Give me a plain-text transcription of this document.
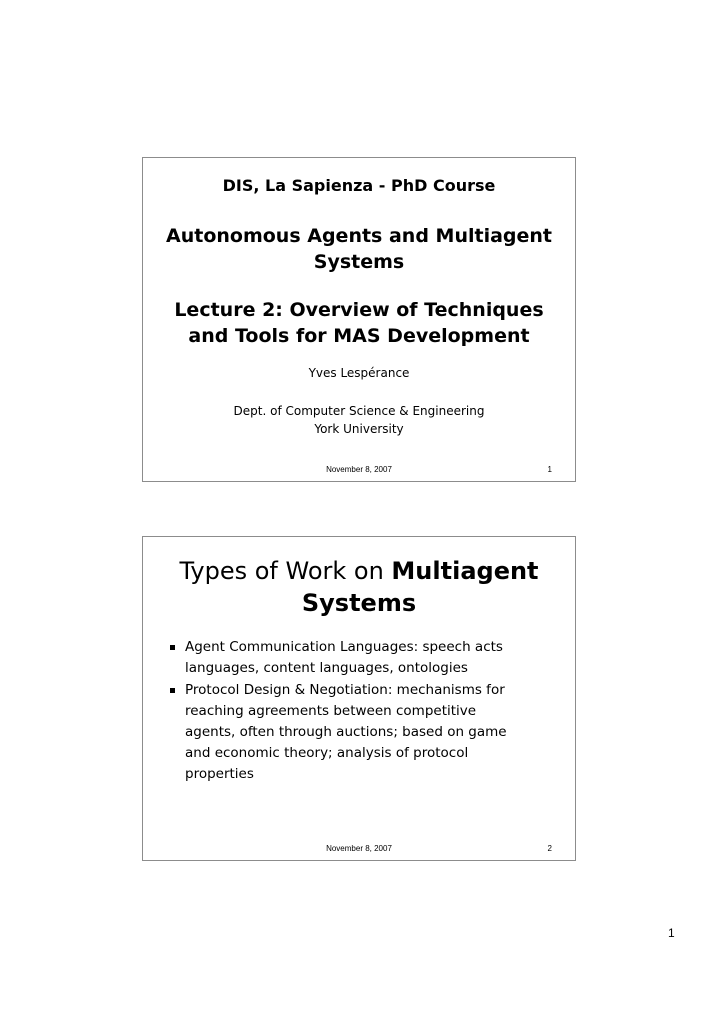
DIS, La Sapienza - PhD Course
Autonomous Agents and Multiagent
Systems
Lecture 2: Overview of Techniques
and Tools for MAS Development
Yves Lespérance
Dept. of Computer Science & Engineering
York University
November 8, 2007	1
Types of Work on Multiagent
Systems
Agent Communication Languages: speech acts
languages, content languages, ontologies
Protocol Design & Negotiation: mechanisms for
reaching agreements between competitive
agents, often through auctions; based on game
and economic theory; analysis of protocol
properties
November 8, 2007	2
1
